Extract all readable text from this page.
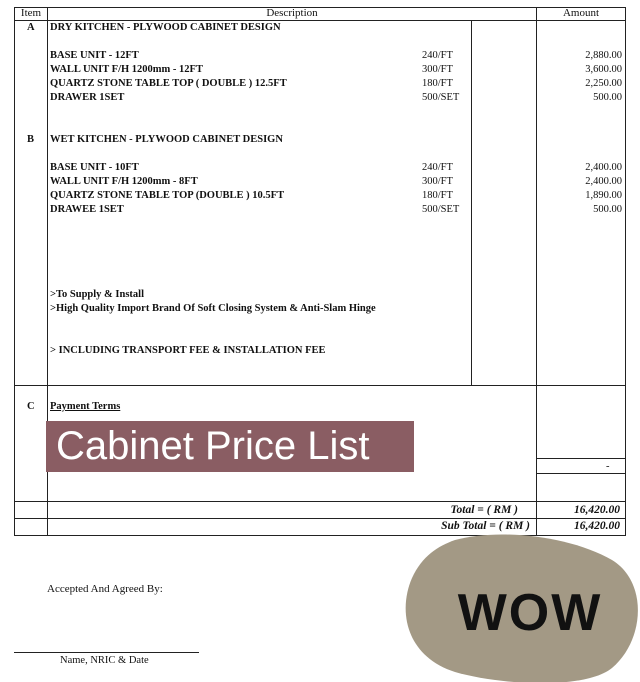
Item	Description	Amount
A DRY KITCHEN - PLYWOOD CABINET DESIGN
BASE UNIT - 12FT	240/FT	2,880.00
WALL UNIT F/H 1200mm - 12FT	300/FT	3,600.00
QUARTZ STONE TABLE TOP ( DOUBLE ) 12.5FT	180/FT	2,250.00
DRAWER 1SET	500/SET	500.00
B WET KITCHEN - PLYWOOD CABINET DESIGN
BASE UNIT - 10FT	240/FT	2,400.00
WALL UNIT F/H 1200mm - 8FT	300/FT	2,400.00
QUARTZ STONE TABLE TOP (DOUBLE ) 10.5FT	180/FT	1,890.00
DRAWEE 1SET	500/SET	500.00
>To Supply & Install
>High Quality Import Brand Of Soft Closing System & Anti-Slam Hinge
> INCLUDING TRANSPORT FEE & INSTALLATION FEE
C Payment Terms
-
Cabinet Price List
Total = ( RM )	16,420.00
Sub Total = ( RM )	16,420.00
Accepted And Agreed By:
Name, NRIC & Date
WOW
